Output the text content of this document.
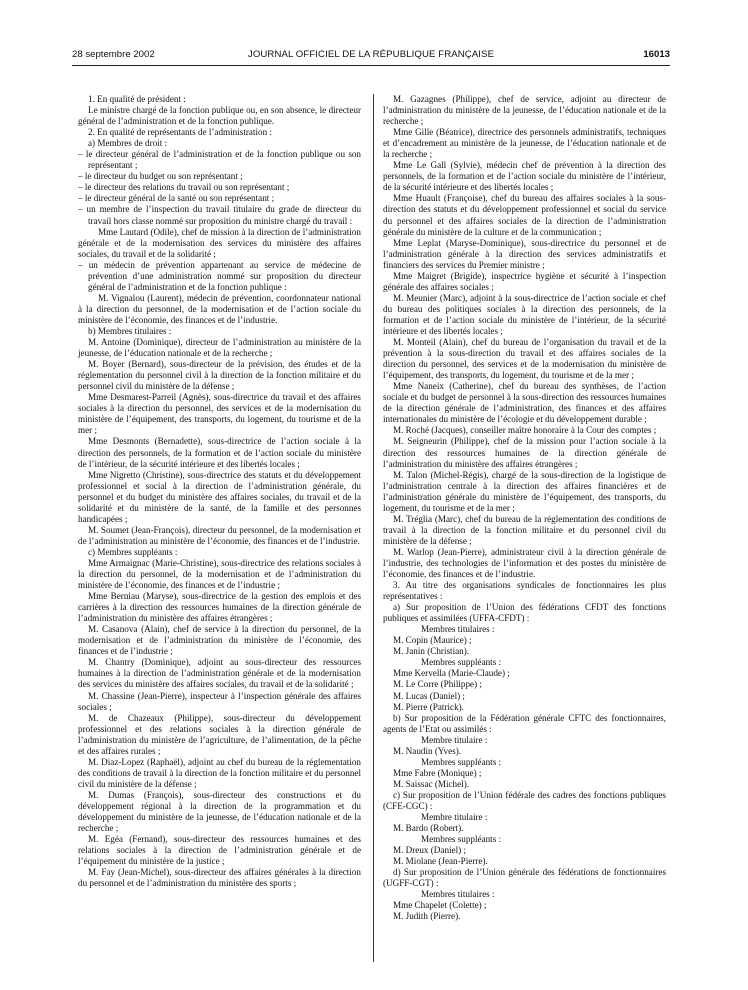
28 septembre 2002	JOURNAL OFFICIEL DE LA RÉPUBLIQUE FRANÇAISE	16013

1. En qualité de président :

Le ministre chargé de la fonction publique ou, en son absence, le directeur général de l’administration et de la fonction publique.

2. En qualité de représentants de l’administration :

a) Membres de droit :

– le directeur général de l’administration et de la fonction publique ou son représentant ;

– le directeur du budget ou son représentant ;

– le directeur des relations du travail ou son représentant ;

– le directeur général de la santé ou son représentant ;

– un membre de l’inspection du travail titulaire du grade de directeur du travail hors classe nommé sur proposition du ministre chargé du travail :

Mme Lautard (Odile), chef de mission à la direction de l’administration générale et de la modernisation des services du ministère des affaires sociales, du travail et de la solidarité ;

– un médecin de prévention appartenant au service de médecine de prévention d’une administration nommé sur proposition du directeur général de l’administration et de la fonction publique :

M. Vignalou (Laurent), médecin de prévention, coordonnateur national à la direction du personnel, de la modernisation et de l’action sociale du ministère de l’économie, des finances et de l’industrie.

b) Membres titulaires :

M. Antoine (Dominique), directeur de l’administration au ministère de la jeunesse, de l’éducation nationale et de la recherche ;

M. Boyer (Bernard), sous-directeur de la prévision, des études et de la réglementation du personnel civil à la direction de la fonction militaire et du personnel civil du ministère de la défense ;

Mme Desmarest-Parreil (Agnès), sous-directrice du travail et des affaires sociales à la direction du personnel, des services et de la modernisation du ministère de l’équipement, des transports, du logement, du tourisme et de la mer ;

Mme Desmonts (Bernadette), sous-directrice de l’action sociale à la direction des personnels, de la formation et de l’action sociale du ministère de l’intérieur, de la sécurité intérieure et des libertés locales ;

Mme Nigretto (Christine), sous-directrice des statuts et du développement professionnel et social à la direction de l’administration générale, du personnel et du budget du ministère des affaires sociales, du travail et de la solidarité et du ministère de la santé, de la famille et des personnes handicapées ;

M. Soumet (Jean-François), directeur du personnel, de la modernisation et de l’administration au ministère de l’économie, des finances et de l’industrie.

c) Membres suppléants :

Mme Armaignac (Marie-Christine), sous-directrice des relations sociales à la direction du personnel, de la modernisation et de l’administration du ministère de l’économie, des finances et de l’industrie ;

Mme Berniau (Maryse), sous-directrice de la gestion des emplois et des carrières à la direction des ressources humaines de la direction générale de l’administration du ministère des affaires étrangères ;

M. Casanova (Alain), chef de service à la direction du personnel, de la modernisation et de l’administration du ministère de l’économie, des finances et de l’industrie ;

M. Chantry (Dominique), adjoint au sous-directeur des ressources humaines à la direction de l’administration générale et de la modernisation des services du ministère des affaires sociales, du travail et de la solidarité ;

M. Chassine (Jean-Pierre), inspecteur à l’inspection générale des affaires sociales ;

M. de Chazeaux (Philippe), sous-directeur du développement professionnel et des relations sociales à la direction générale de l’administration du ministère de l’agriculture, de l’alimentation, de la pêche et des affaires rurales ;

M. Diaz-Lopez (Raphaël), adjoint au chef du bureau de la réglementation des conditions de travail à la direction de la fonction militaire et du personnel civil du ministère de la défense ;

M. Dumas (François), sous-directeur des constructions et du développement régional à la direction de la programmation et du développement du ministère de la jeunesse, de l’éducation nationale et de la recherche ;

M. Egéa (Fernand), sous-directeur des ressources humaines et des relations sociales à la direction de l’administration générale et de l’équipement du ministère de la justice ;

M. Fay (Jean-Michel), sous-directeur des affaires générales à la direction du personnel et de l’administration du ministère des sports ;

M. Gazagnes (Philippe), chef de service, adjoint au directeur de l’administration du ministère de la jeunesse, de l’éducation nationale et de la recherche ;

Mme Gille (Béatrice), directrice des personnels administratifs, techniques et d’encadrement au ministère de la jeunesse, de l’éducation nationale et de la recherche ;

Mme Le Gall (Sylvie), médecin chef de prévention à la direction des personnels, de la formation et de l’action sociale du ministère de l’intérieur, de la sécurité intérieure et des libertés locales ;

Mme Huault (Françoise), chef du bureau des affaires sociales à la sous-direction des statuts et du développement professionnel et social du service du personnel et des affaires sociales de la direction de l’administration générale du ministère de la culture et de la communication ;

Mme Leplat (Maryse-Dominique), sous-directrice du personnel et de l’administration générale à la direction des services administratifs et financiers des services du Premier ministre ;

Mme Maigret (Brigide), inspectrice hygiène et sécurité à l’inspection générale des affaires sociales ;

M. Meunier (Marc), adjoint à la sous-directrice de l’action sociale et chef du bureau des politiques sociales à la direction des personnels, de la formation et de l’action sociale du ministère de l’intérieur, de la sécurité intérieure et des libertés locales ;

M. Monteil (Alain), chef du bureau de l’organisation du travail et de la prévention à la sous-direction du travail et des affaires sociales de la direction du personnel, des services et de la modernisation du ministère de l’équipement, des transports, du logement, du tourisme et de la mer ;

Mme Naneix (Catherine), chef du bureau des synthèses, de l’action sociale et du budget de personnel à la sous-direction des ressources humaines de la direction générale de l’administration, des finances et des affaires internationales du ministère de l’écologie et du développement durable ;

M. Roché (Jacques), conseiller maître honoraire à la Cour des comptes ;

M. Seigneurin (Philippe), chef de la mission pour l’action sociale à la direction des ressources humaines de la direction générale de l’administration du ministère des affaires étrangères ;

M. Talon (Michel-Régis), chargé de la sous-direction de la logistique de l’administration centrale à la direction des affaires financières et de l’administration générale du ministère de l’équipement, des transports, du logement, du tourisme et de la mer ;

M. Tréglia (Marc), chef du bureau de la réglementation des conditions de travail à la direction de la fonction militaire et du personnel civil du ministère de la défense ;

M. Warlop (Jean-Pierre), administrateur civil à la direction générale de l’industrie, des technologies de l’information et des postes du ministère de l’économie, des finances et de l’industrie.

3. Au titre des organisations syndicales de fonctionnaires les plus représentatives :

a) Sur proposition de l’Union des fédérations CFDT des fonctions publiques et assimilées (UFFA-CFDT) :

Membres titulaires :

M. Copin (Maurice) ;

M. Janin (Christian).

Membres suppléants :

Mme Kervella (Marie-Claude) ;

M. Le Corre (Philippe) ;

M. Lucas (Daniel) ;

M. Pierre (Patrick).

b) Sur proposition de la Fédération générale CFTC des fonctionnaires, agents de l’Etat ou assimilés :

Membre titulaire :

M. Naudin (Yves).

Membres suppléants :

Mme Fabre (Monique) ;

M. Saissac (Michel).

c) Sur proposition de l’Union fédérale des cadres des fonctions publiques (CFE-CGC) :

Membre titulaire :

M. Bardo (Robert).

Membres suppléants :

M. Dreux (Daniel) ;

M. Miolane (Jean-Pierre).

d) Sur proposition de l’Union générale des fédérations de fonctionnaires (UGFF-CGT) :

Membres titulaires :

Mme Chapelet (Colette) ;

M. Judith (Pierre).
